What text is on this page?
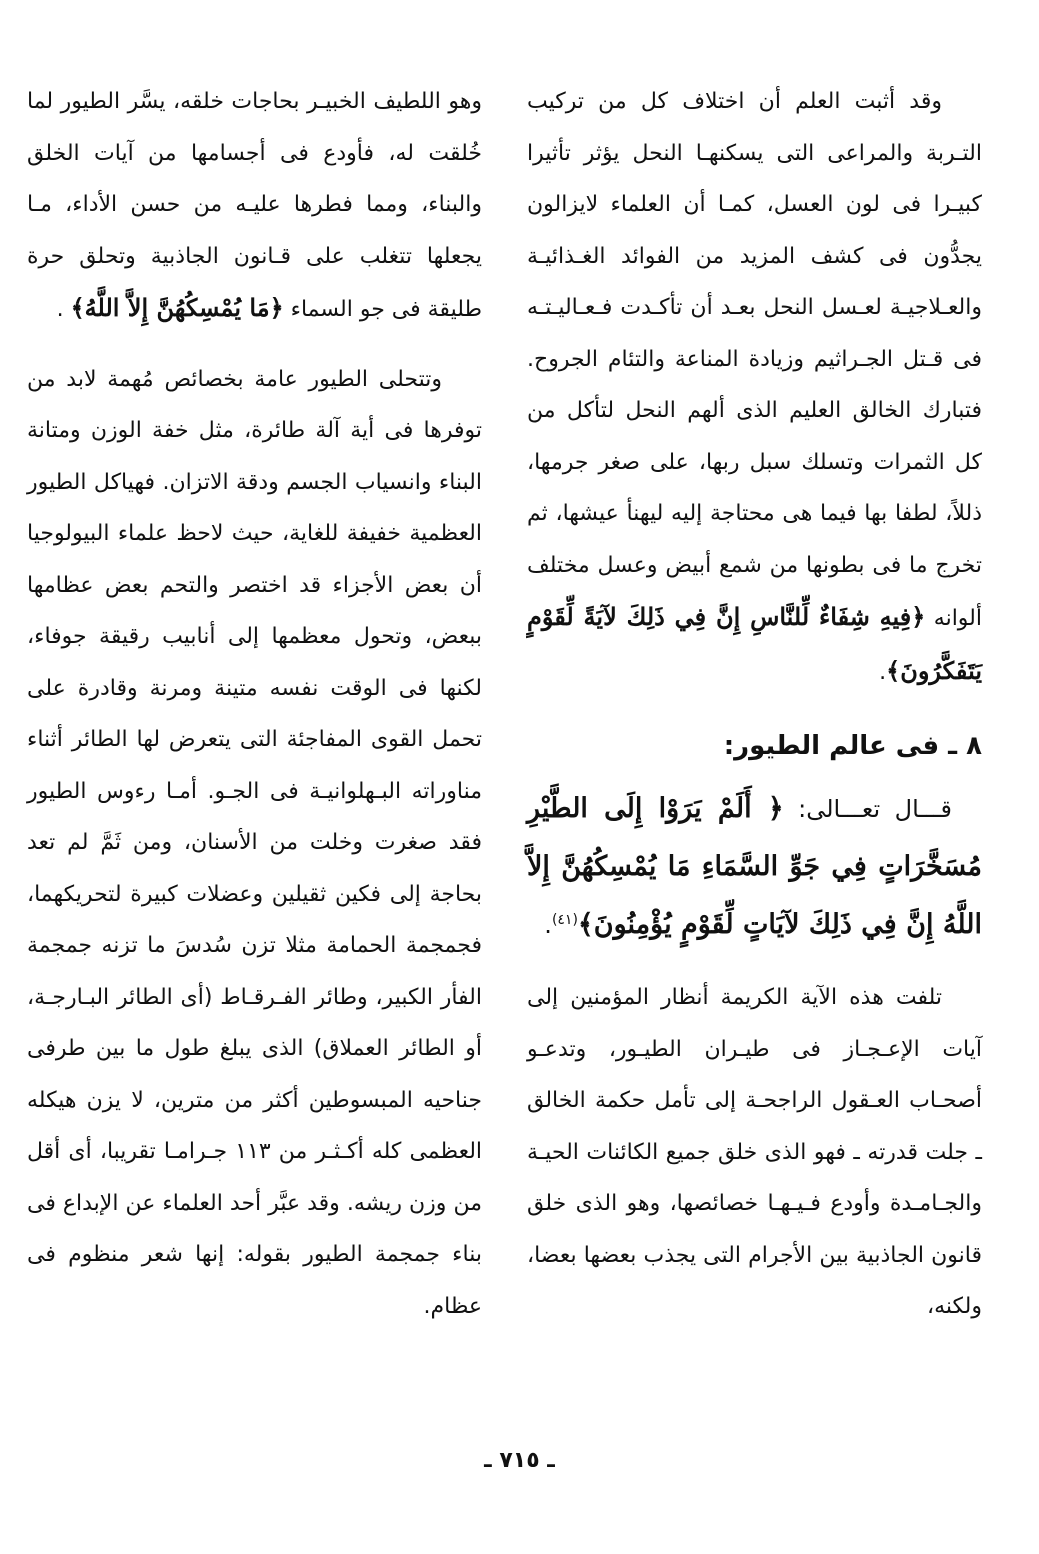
وقد أثبت العلم أن اختلاف كل من تركيب التـربة والمراعى التى يسكنهـا النحل يؤثر تأثيرا كبيـرا فى لون العسل، كمـا أن العلماء لايزالون يجدُّون فى كشف المزيد من الفوائد الغـذائيـة والعـلاجيـة لعـسل النحل بعـد أن تأكـدت فـعـاليـتـه فى قـتل الجـراثيم وزيادة المناعة والتئام الجروح. فتبارك الخالق العليم الذى ألهم النحل لتأكل من كل الثمرات وتسلك سبل ربها، على صغر جرمها، ذللاً، لطفا بها فيما هى محتاجة إليه ليهنأ عيشها، ثم تخرج ما فى بطونها من شمع أبيض وعسل مختلف ألوانه ﴿فِيهِ شِفَاءٌ لِّلنَّاسِ إِنَّ فِي ذَلِكَ لآيَةً لِّقَوْمٍ يَتَفَكَّرُونَ﴾.

٨ ـ فى عالم الطيور:

قـــال تعـــالى: ﴿ أَلَمْ يَرَوْا إِلَى الطَّيْرِ مُسَخَّرَاتٍ فِي جَوِّ السَّمَاءِ مَا يُمْسِكُهُنَّ إِلاَّ اللَّهُ إِنَّ فِي ذَلِكَ لآيَاتٍ لِّقَوْمٍ يُؤْمِنُونَ﴾$^{(٤١)}$.

تلفت هذه الآية الكريمة أنظار المؤمنين إلى آيات الإعـجـاز فى طيـران الطيـور، وتدعـو أصحـاب العـقول الراجحـة إلى تأمل حكمة الخالق ـ جلت قدرته ـ فهو الذى خلق جميع الكائنات الحيـة والجـامـدة وأودع فـيـهـا خصائصها، وهو الذى خلق قانون الجاذبية بين الأجرام التى يجذب بعضها بعضا، ولكنه،

وهو اللطيف الخبيـر بحاجات خلقه، يسَّر الطيور لما خُلقت له، فأودع فى أجسامها من آيات الخلق والبناء، ومما فطرها عليـه من حسن الأداء، مـا يجعلها تتغلب على قـانون الجاذبية وتحلق حرة طليقة فى جو السماء ﴿مَا يُمْسِكُهُنَّ إِلاَّ اللَّهُ﴾ .

وتتحلى الطيور عامة بخصائص مُهمة لابد من توفرها فى أية آلة طائرة، مثل خفة الوزن ومتانة البناء وانسياب الجسم ودقة الاتزان. فهياكل الطيور العظمية خفيفة للغاية، حيث لاحظ علماء البيولوجيا أن بعض الأجزاء قد اختصر والتحم بعض عظامها ببعض، وتحول معظمها إلى أنابيب رقيقة جوفاء، لكنها فى الوقت نفسه متينة ومرنة وقادرة على تحمل القوى المفاجئة التى يتعرض لها الطائر أثناء مناوراته البـهلوانيـة فى الجـو. أمـا رءوس الطيور فقد صغرت وخلت من الأسنان، ومن ثَمَّ لم تعد بحاجة إلى فكين ثقيلين وعضلات كبيرة لتحريكهما، فجمجمة الحمامة مثلا تزن سُدسَ ما تزنه جمجمة الفأر الكبير، وطائر الفـرقـاط (أى الطائر البـارجـة، أو الطائر العملاق) الذى يبلغ طول ما بين طرفى جناحيه المبسوطين أكثر من مترين، لا يزن هيكله العظمى كله أكـثـر من ١١٣ جـرامـا تقريبا، أى أقل من وزن ريشه. وقد عبَّر أحد العلماء عن الإبداع فى بناء جمجمة الطيور بقوله: إنها شعر منظوم فى عظام.

ـ ٧١٥ ـ
